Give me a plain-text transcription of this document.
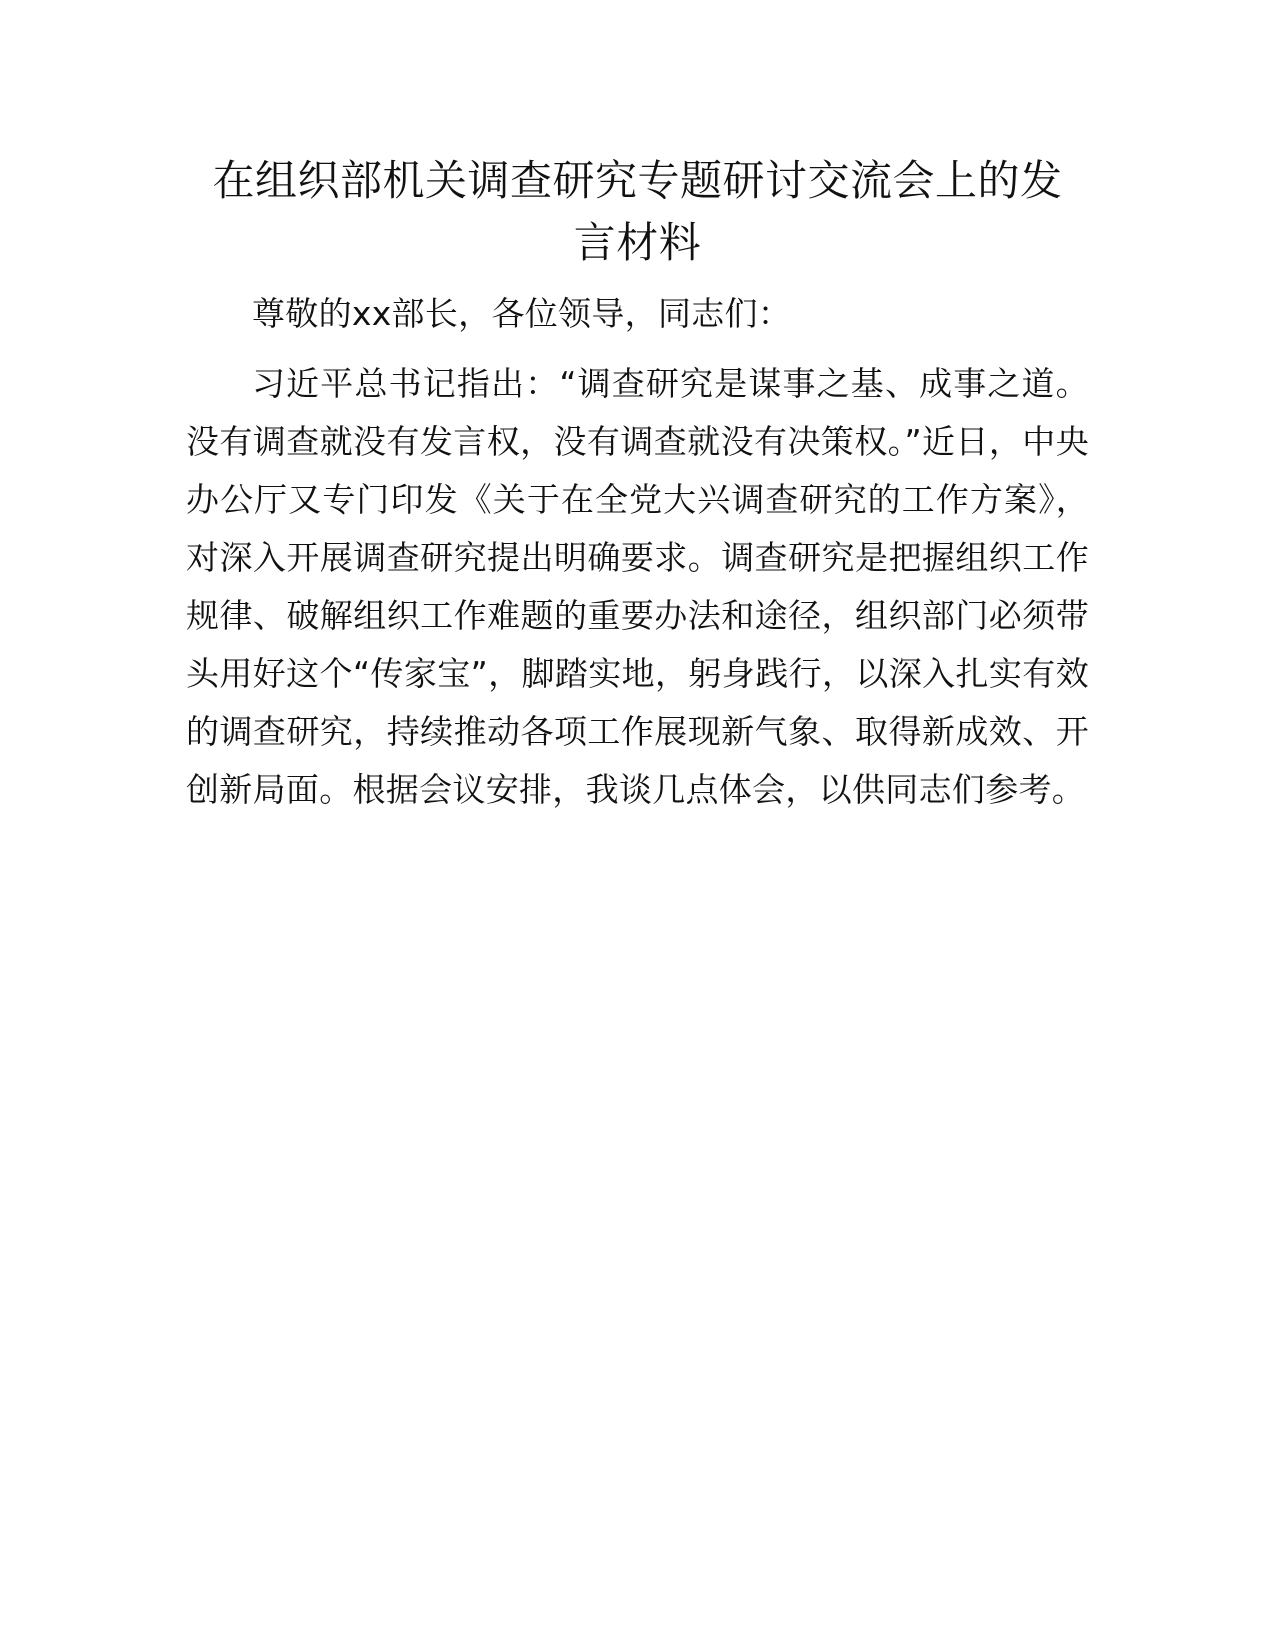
在组织部机关调查研究专题研讨交流会上的发
言材料

尊敬的xx部长，各位领导，同志们：

习近平总书记指出：“调查研究是谋事之基、成事之道。没有调查就没有发言权，没有调查就没有决策权。”近日，中央办公厅又专门印发《关于在全党大兴调查研究的工作方案》，对深入开展调查研究提出明确要求。调查研究是把握组织工作规律、破解组织工作难题的重要办法和途径，组织部门必须带头用好这个“传家宝”，脚踏实地，躬身践行，以深入扎实有效的调查研究，持续推动各项工作展现新气象、取得新成效、开创新局面。根据会议安排，我谈几点体会，以供同志们参考。
